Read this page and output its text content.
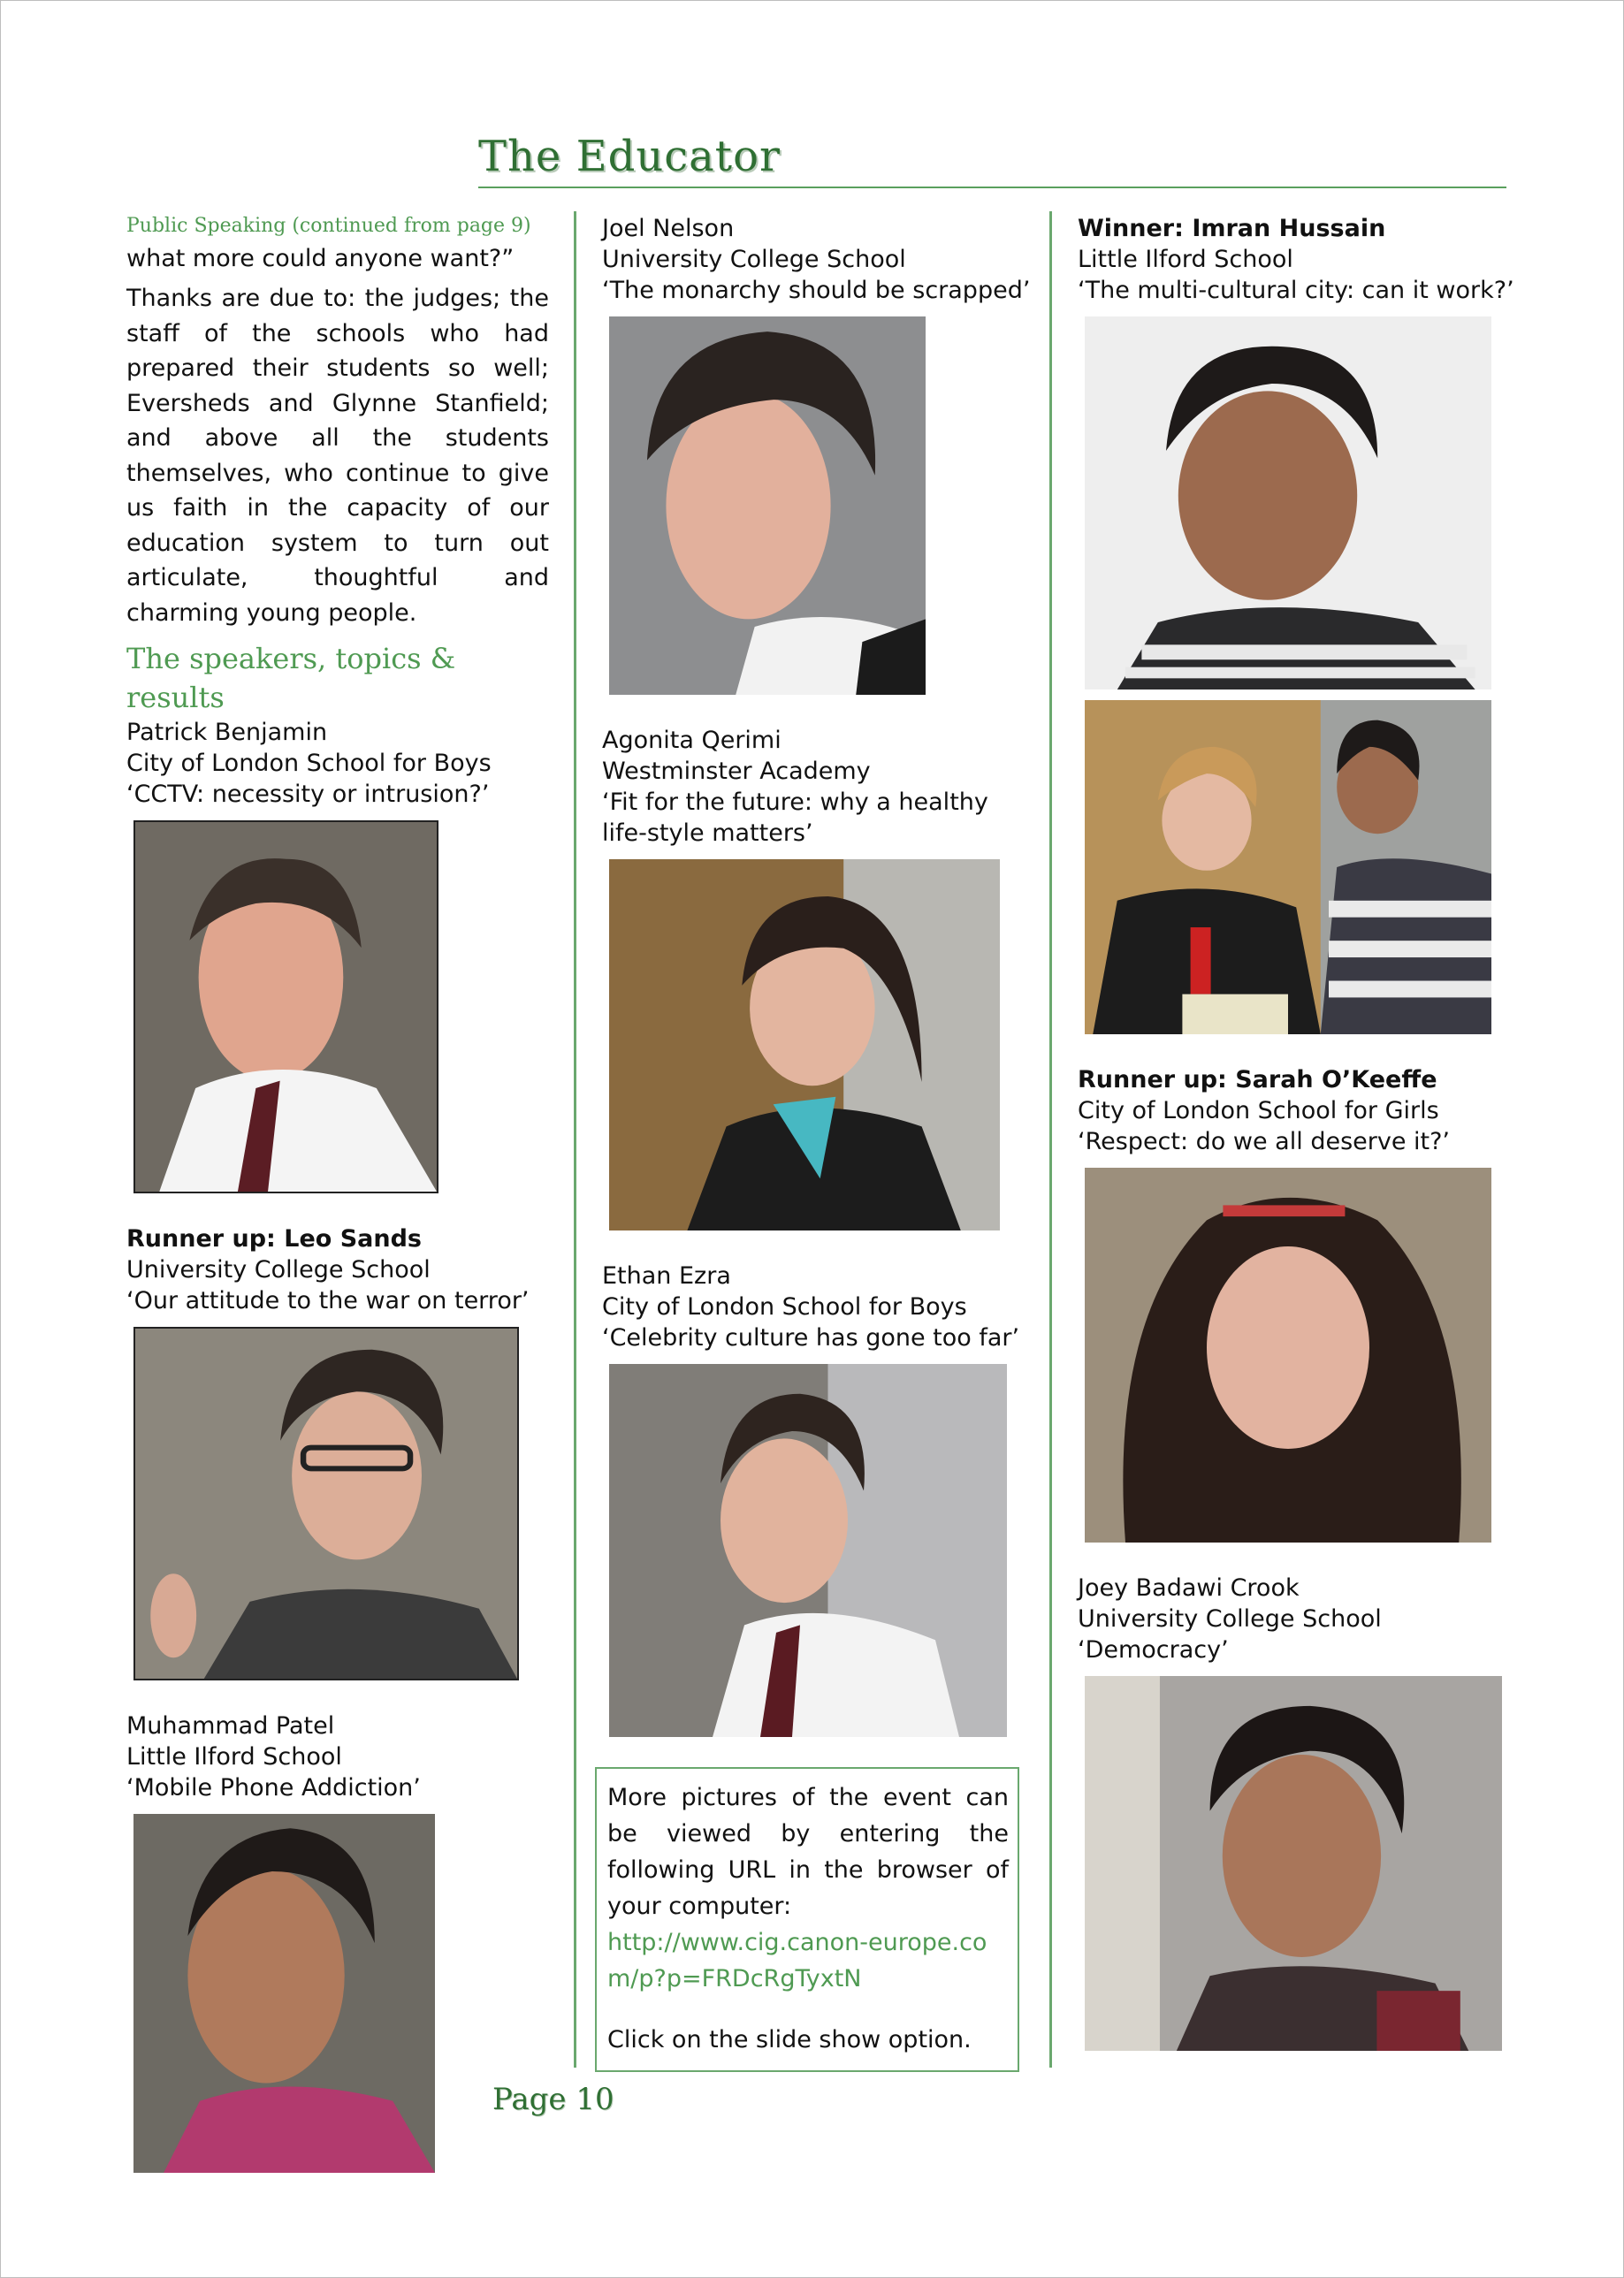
The Educator

Public Speaking (continued from page 9)

what more could anyone want?”

Thanks are due to: the judges; the staff of the schools who had prepared their students so well; Eversheds and Glynne Stanfield; and above all the students themselves, who continue to give us faith in the capacity of our education system to turn out articulate, thoughtful and charming young people.

The speakers, topics & results

Patrick Benjamin
City of London School for Boys
‘CCTV: necessity or intrusion?’
Runner up: Leo Sands
University College School
‘Our attitude to the war on terror’
Muhammad Patel
Little Ilford School
‘Mobile Phone Addiction’
Joel Nelson
University College School
‘The monarchy should be scrapped’
Agonita Qerimi
Westminster Academy
‘Fit for the future: why a healthy life-style matters’
Ethan Ezra
City of London School for Boys
‘Celebrity culture has gone too far’

More pictures of the event can be viewed by entering the following URL in the browser of your computer:

http://www.cig.canon-europe.com/p?p=FRDcRgTyxtN

Click on the slide show option.

Winner: Imran Hussain
Little Ilford School
‘The multi-cultural city: can it work?’
Runner up: Sarah O’Keeffe
City of London School for Girls
‘Respect: do we all deserve it?’
Joey Badawi Crook
University College School
‘Democracy’
Page 10
